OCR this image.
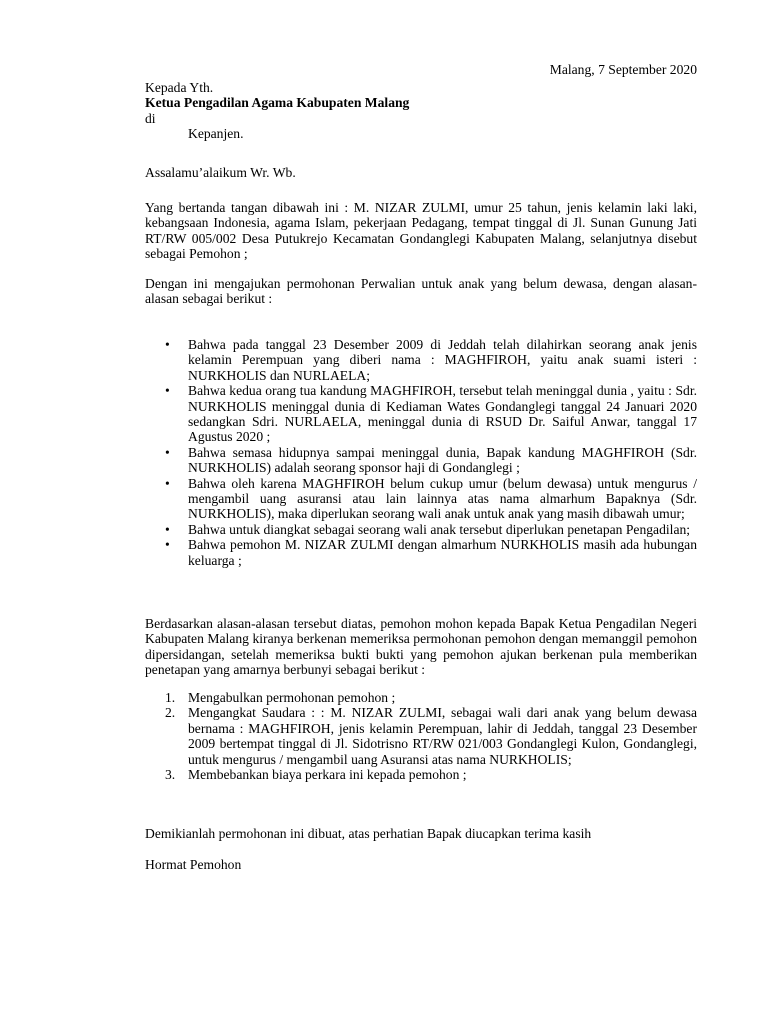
Malang, 7 September 2020
Kepada Yth.
Ketua Pengadilan Agama Kabupaten Malang
di
Kepanjen.
Assalamu’alaikum Wr. Wb.
Yang bertanda tangan dibawah ini : M. NIZAR ZULMI, umur 25 tahun, jenis kelamin laki laki, kebangsaan Indonesia, agama Islam, pekerjaan Pedagang, tempat tinggal di Jl. Sunan Gunung Jati RT/RW 005/002 Desa Putukrejo Kecamatan Gondanglegi Kabupaten Malang, selanjutnya disebut sebagai Pemohon ;
Dengan ini mengajukan permohonan Perwalian untuk anak yang belum dewasa, dengan alasan-alasan sebagai berikut :
• Bahwa pada tanggal 23 Desember 2009 di Jeddah telah dilahirkan seorang anak jenis kelamin Perempuan yang diberi nama : MAGHFIROH, yaitu anak suami isteri : NURKHOLIS dan NURLAELA;
• Bahwa kedua orang tua kandung MAGHFIROH, tersebut telah meninggal dunia , yaitu : Sdr. NURKHOLIS meninggal dunia di Kediaman Wates Gondanglegi tanggal 24 Januari 2020 sedangkan Sdri. NURLAELA, meninggal dunia di RSUD Dr. Saiful Anwar, tanggal 17 Agustus 2020 ;
• Bahwa semasa hidupnya sampai meninggal dunia, Bapak kandung MAGHFIROH (Sdr. NURKHOLIS) adalah seorang sponsor haji di Gondanglegi ;
• Bahwa oleh karena MAGHFIROH belum cukup umur (belum dewasa) untuk mengurus / mengambil uang asuransi atau lain lainnya atas nama almarhum Bapaknya (Sdr. NURKHOLIS), maka diperlukan seorang wali anak untuk anak yang masih dibawah umur;
• Bahwa untuk diangkat sebagai seorang wali anak tersebut diperlukan penetapan Pengadilan;
• Bahwa pemohon M. NIZAR ZULMI dengan almarhum NURKHOLIS masih ada hubungan keluarga ;
Berdasarkan alasan-alasan tersebut diatas, pemohon mohon kepada Bapak Ketua Pengadilan Negeri Kabupaten Malang kiranya berkenan memeriksa permohonan pemohon dengan memanggil pemohon dipersidangan, setelah memeriksa bukti bukti yang pemohon ajukan berkenan pula memberikan penetapan yang amarnya berbunyi sebagai berikut :
1. Mengabulkan permohonan pemohon ;
2. Mengangkat Saudara : : M. NIZAR ZULMI, sebagai wali dari anak yang belum dewasa bernama : MAGHFIROH, jenis kelamin Perempuan, lahir di Jeddah, tanggal 23 Desember 2009 bertempat tinggal di Jl. Sidotrisno RT/RW 021/003 Gondanglegi Kulon, Gondanglegi, untuk mengurus / mengambil uang Asuransi atas nama NURKHOLIS;
3. Membebankan biaya perkara ini kepada pemohon ;
Demikianlah permohonan ini dibuat, atas perhatian Bapak diucapkan terima kasih
Hormat Pemohon
